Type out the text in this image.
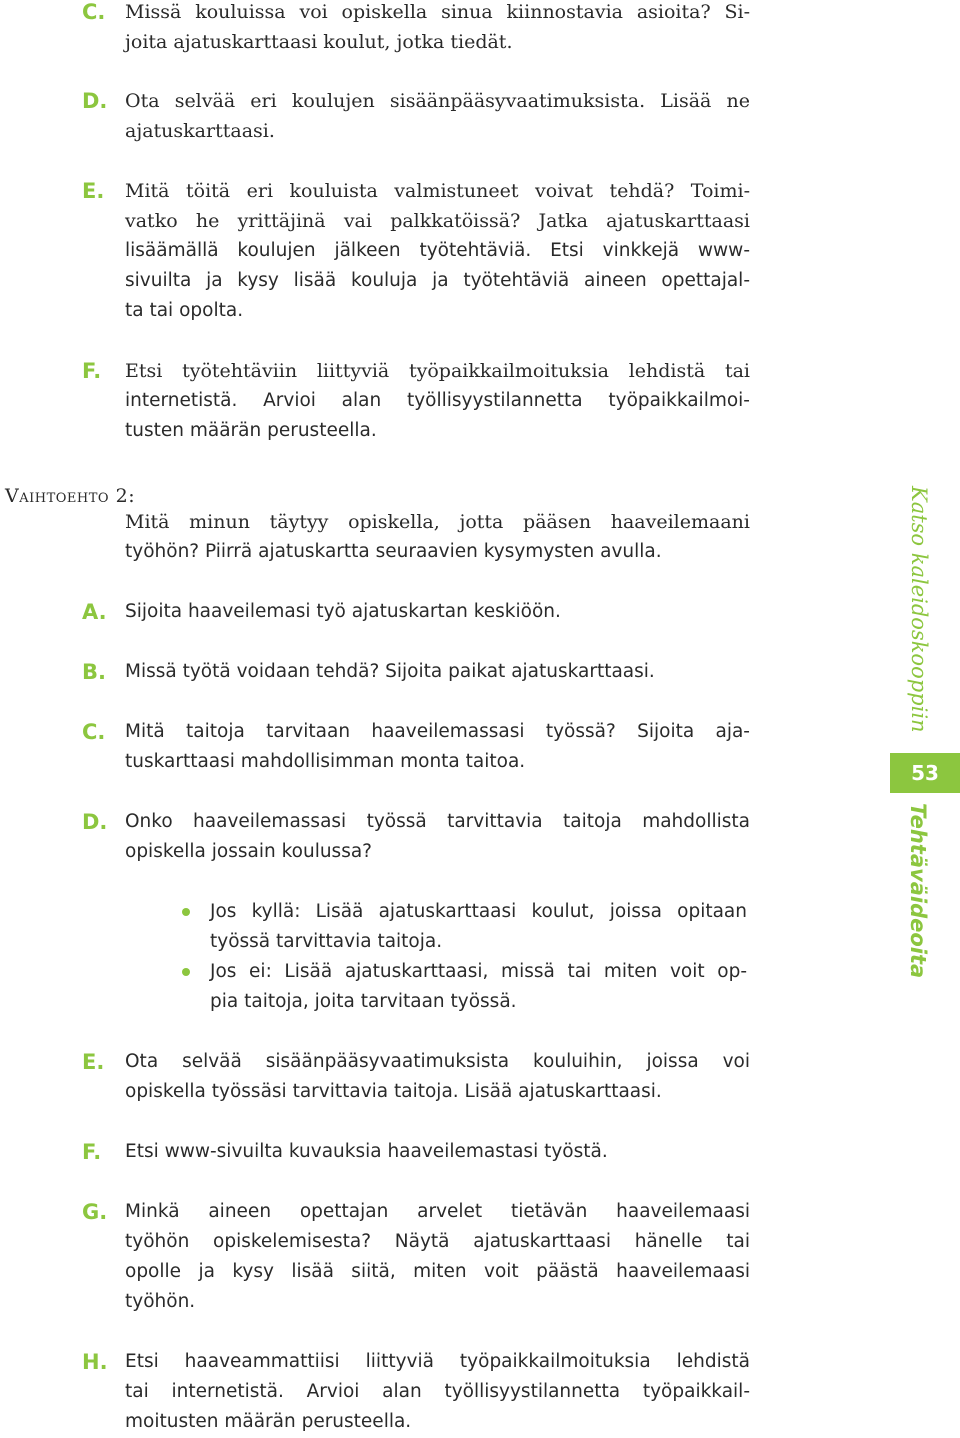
C. Missä kouluissa voi opiskella sinua kiinnostavia asioita? Si-
joita ajatuskarttaasi koulut, jotka tiedät.
D. Ota selvää eri koulujen sisäänpääsyvaatimuksista. Lisää ne
ajatuskarttaasi.
E. Mitä töitä eri kouluista valmistuneet voivat tehdä? Toimi-
vatko he yrittäjinä vai palkkatöissä? Jatka ajatuskarttaasi
lisäämällä koulujen jälkeen työtehtäviä. Etsi vinkkejä www-
sivuilta ja kysy lisää kouluja ja työtehtäviä aineen opettajal-
ta tai opolta.
F. Etsi työtehtäviin liittyviä työpaikkailmoituksia lehdistä tai
internetistä. Arvioi alan työllisyystilannetta työpaikkailmoi-
tusten määrän perusteella.
Vaihtoehto 2:
Mitä minun täytyy opiskella, jotta pääsen haaveilemaani
työhön? Piirrä ajatuskartta seuraavien kysymysten avulla.
A. Sijoita haaveilemasi työ ajatuskartan keskiöön.
B. Missä työtä voidaan tehdä? Sijoita paikat ajatuskarttaasi.
C. Mitä taitoja tarvitaan haaveilemassasi työssä? Sijoita aja-
tuskarttaasi mahdollisimman monta taitoa.
D. Onko haaveilemassasi työssä tarvittavia taitoja mahdollista
opiskella jossain koulussa?
Jos kyllä: Lisää ajatuskarttaasi koulut, joissa opitaan
työssä tarvittavia taitoja.
Jos ei: Lisää ajatuskarttaasi, missä tai miten voit op-
pia taitoja, joita tarvitaan työssä.
E. Ota selvää sisäänpääsyvaatimuksista kouluihin, joissa voi
opiskella työssäsi tarvittavia taitoja. Lisää ajatuskarttaasi.
F. Etsi www-sivuilta kuvauksia haaveilemastasi työstä.
G. Minkä aineen opettajan arvelet tietävän haaveilemaasi
työhön opiskelemisesta? Näytä ajatuskarttaasi hänelle tai
opolle ja kysy lisää siitä, miten voit päästä haaveilemaasi
työhön.
H. Etsi haaveammattiisi liittyviä työpaikkailmoituksia lehdistä
tai internetistä. Arvioi alan työllisyystilannetta työpaikkail-
moitusten määrän perusteella.
Katso kaleidoskooppiin
53
Tehtäväideoita
